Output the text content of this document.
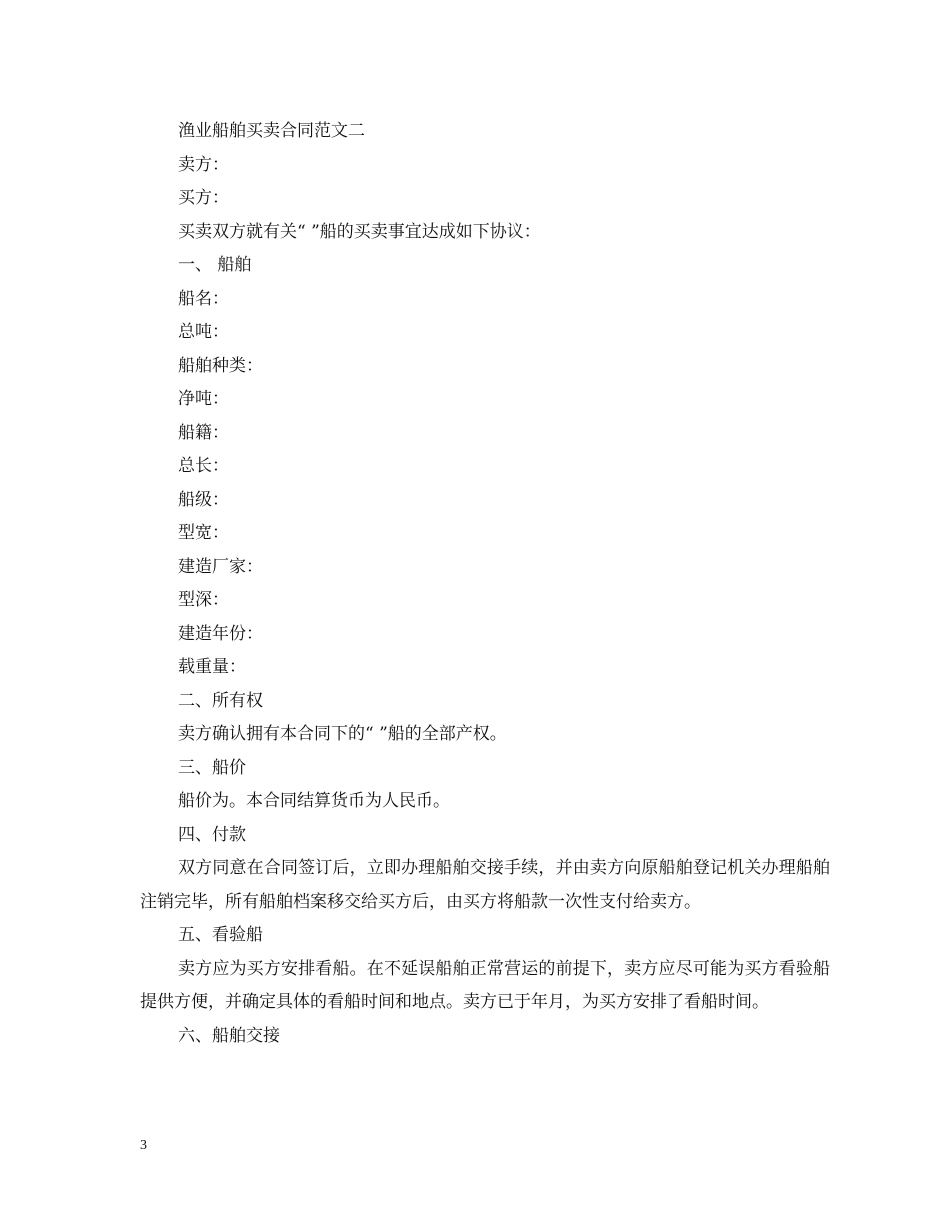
渔业船舶买卖合同范文二
卖方：
买方：
买卖双方就有关“ ”船的买卖事宜达成如下协议：
一、 船舶
船名：
总吨：
船舶种类：
净吨：
船籍：
总长：
船级：
型宽：
建造厂家：
型深：
建造年份：
载重量：
二、所有权
卖方确认拥有本合同下的“ ”船的全部产权。
三、船价
船价为。本合同结算货币为人民币。
四、付款
双方同意在合同签订后，立即办理船舶交接手续，并由卖方向原船舶登记机关办理船舶注销完毕，所有船舶档案移交给买方后，由买方将船款一次性支付给卖方。
五、看验船
卖方应为买方安排看船。在不延误船舶正常营运的前提下，卖方应尽可能为买方看验船提供方便，并确定具体的看船时间和地点。卖方已于年月，为买方安排了看船时间。
六、船舶交接
3
